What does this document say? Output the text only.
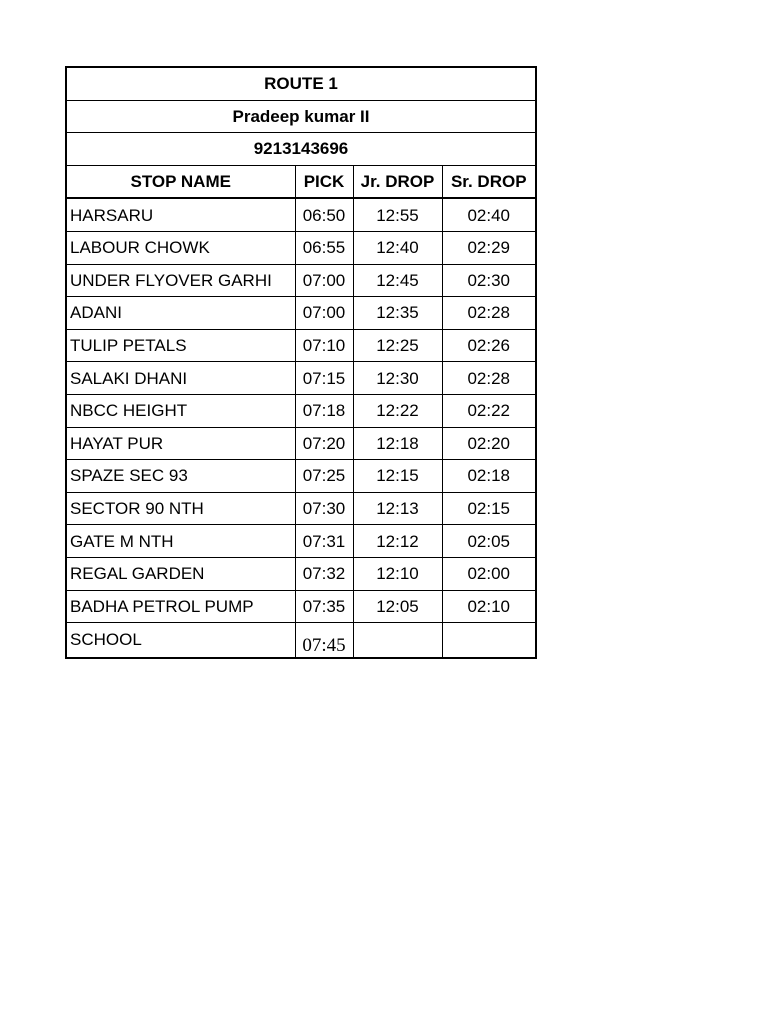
ROUTE 1			
Pradeep kumar II			
9213143696			
STOP NAME	PICK	Jr. DROP	Sr. DROP
HARSARU	06:50	12:55	02:40
LABOUR CHOWK	06:55	12:40	02:29
UNDER FLYOVER GARHI	07:00	12:45	02:30
ADANI	07:00	12:35	02:28
TULIP PETALS	07:10	12:25	02:26
SALAKI DHANI	07:15	12:30	02:28
NBCC HEIGHT	07:18	12:22	02:22
HAYAT PUR	07:20	12:18	02:20
SPAZE SEC 93	07:25	12:15	02:18
SECTOR 90 NTH	07:30	12:13	02:15
GATE M NTH	07:31	12:12	02:05
REGAL GARDEN	07:32	12:10	02:00
BADHA PETROL PUMP	07:35	12:05	02:10
SCHOOL	07:45		
